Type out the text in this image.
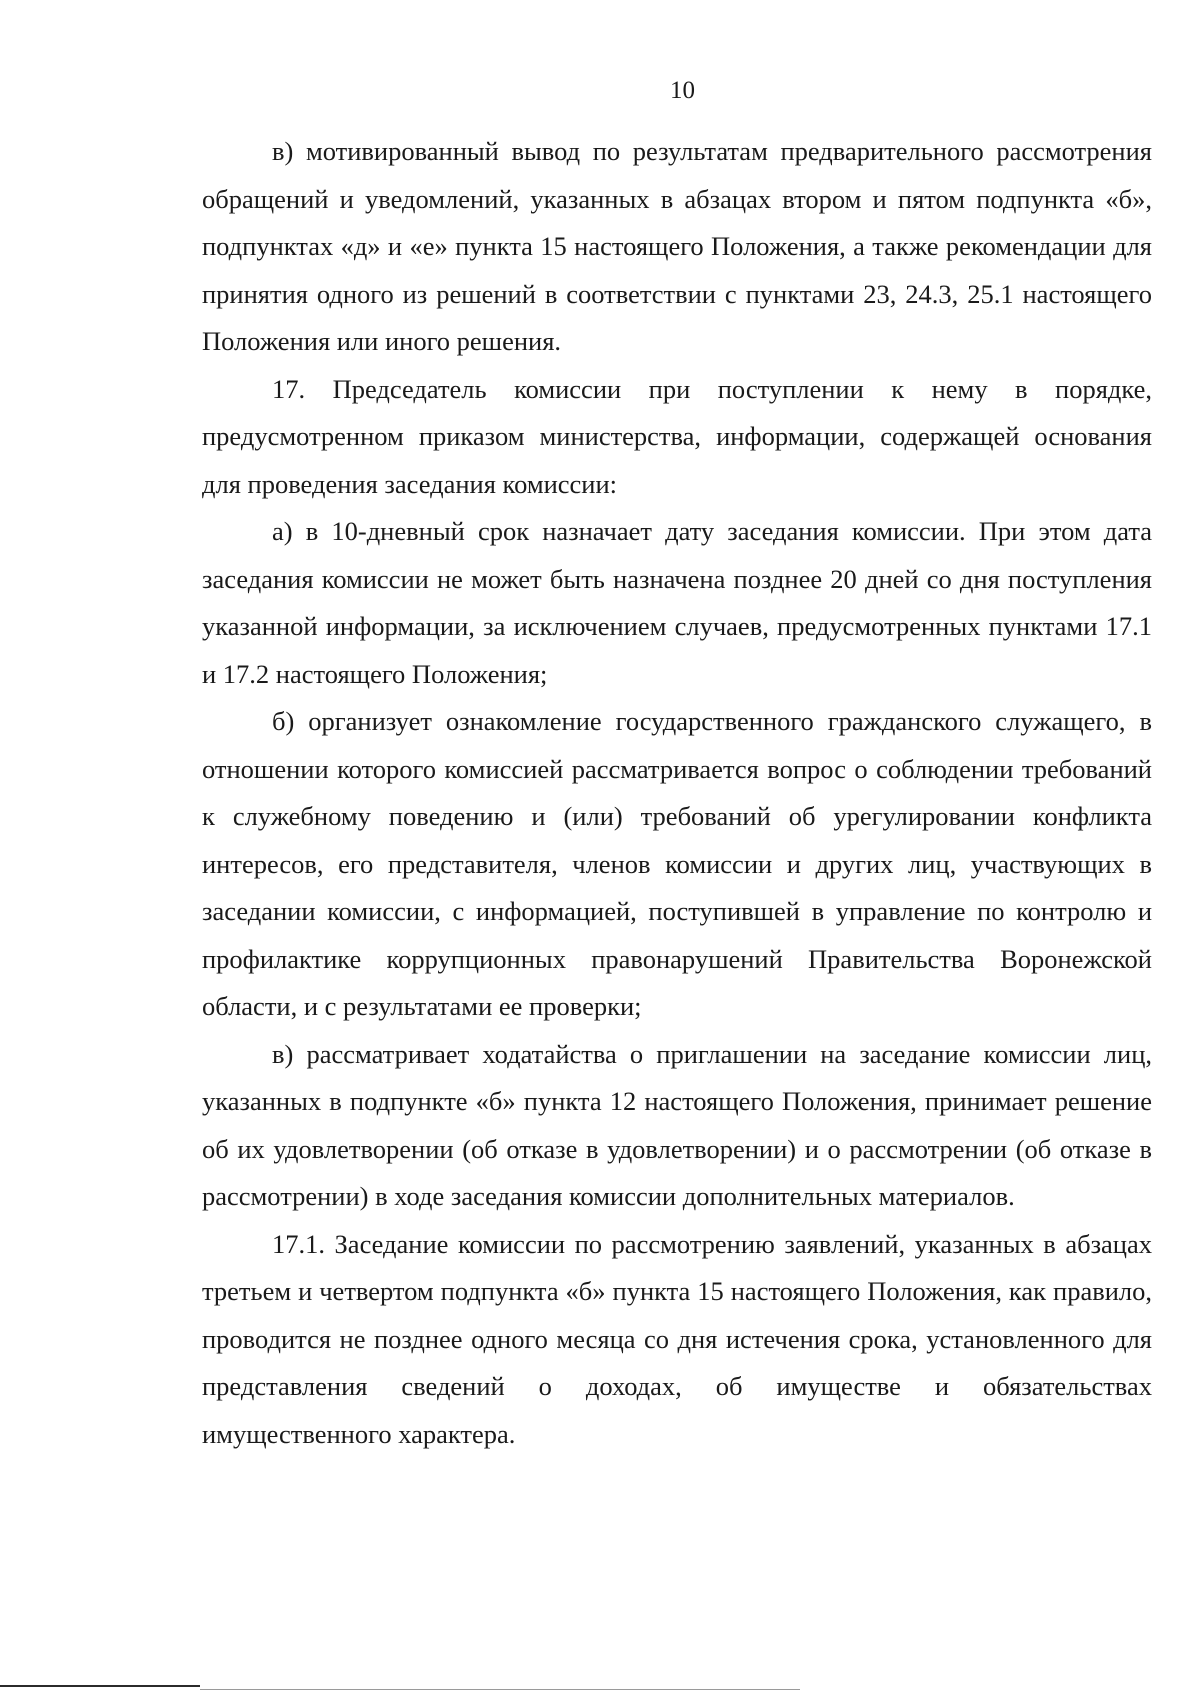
10

в) мотивированный вывод по результатам предварительного рассмотрения обращений и уведомлений, указанных в абзацах втором и пятом подпункта «б», подпунктах «д» и «е» пункта 15 настоящего Положения, а также рекомендации для принятия одного из решений в соответствии с пунктами 23, 24.3, 25.1 настоящего Положения или иного решения.

17. Председатель комиссии при поступлении к нему в порядке, предусмотренном приказом министерства, информации, содержащей основания для проведения заседания комиссии:

а) в 10-дневный срок назначает дату заседания комиссии. При этом дата заседания комиссии не может быть назначена позднее 20 дней со дня поступления указанной информации, за исключением случаев, предусмотренных пунктами 17.1 и 17.2 настоящего Положения;

б) организует ознакомление государственного гражданского служащего, в отношении которого комиссией рассматривается вопрос о соблюдении требований к служебному поведению и (или) требований об урегулировании конфликта интересов, его представителя, членов комиссии и других лиц, участвующих в заседании комиссии, с информацией, поступившей в управление по контролю и профилактике коррупционных правонарушений Правительства Воронежской области, и с результатами ее проверки;

в) рассматривает ходатайства о приглашении на заседание комиссии лиц, указанных в подпункте «б» пункта 12 настоящего Положения, принимает решение об их удовлетворении (об отказе в удовлетворении) и о рассмотрении (об отказе в рассмотрении) в ходе заседания комиссии дополнительных материалов.

17.1. Заседание комиссии по рассмотрению заявлений, указанных в абзацах третьем и четвертом подпункта «б» пункта 15 настоящего Положения, как правило, проводится не позднее одного месяца со дня истечения срока, установленного для представления сведений о доходах, об имуществе и обязательствах имущественного характера.
